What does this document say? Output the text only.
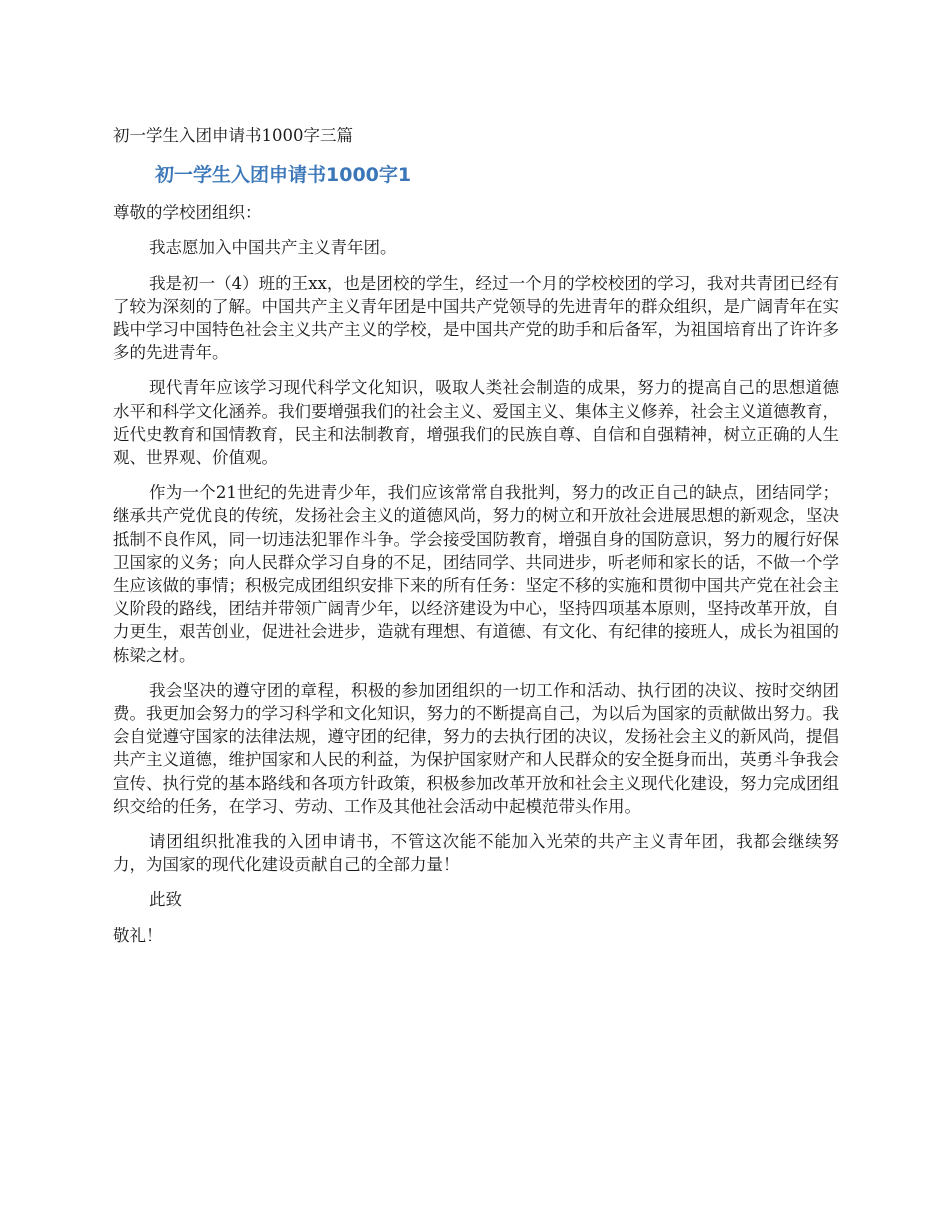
初一学生入团申请书1000字三篇
初一学生入团申请书1000字1

尊敬的学校团组织：

我志愿加入中国共产主义青年团。

我是初一（4）班的王xx，也是团校的学生，经过一个月的学校校团的学习，我对共青团已经有了较为深刻的了解。中国共产主义青年团是中国共产党领导的先进青年的群众组织，是广阔青年在实践中学习中国特色社会主义共产主义的学校，是中国共产党的助手和后备军，为祖国培育出了许许多多的先进青年。

现代青年应该学习现代科学文化知识，吸取人类社会制造的成果，努力的提高自己的思想道德水平和科学文化涵养。我们要增强我们的社会主义、爱国主义、集体主义修养，社会主义道德教育，近代史教育和国情教育，民主和法制教育，增强我们的民族自尊、自信和自强精神，树立正确的人生观、世界观、价值观。

作为一个21世纪的先进青少年，我们应该常常自我批判，努力的改正自己的缺点，团结同学；继承共产党优良的传统，发扬社会主义的道德风尚，努力的树立和开放社会进展思想的新观念，坚决抵制不良作风，同一切违法犯罪作斗争。学会接受国防教育，增强自身的国防意识，努力的履行好保卫国家的义务；向人民群众学习自身的不足，团结同学、共同进步，听老师和家长的话，不做一个学生应该做的事情；积极完成团组织安排下来的所有任务：坚定不移的实施和贯彻中国共产党在社会主义阶段的路线，团结并带领广阔青少年，以经济建设为中心，坚持四项基本原则，坚持改革开放，自力更生，艰苦创业，促进社会进步，造就有理想、有道德、有文化、有纪律的接班人，成长为祖国的栋梁之材。

我会坚决的遵守团的章程，积极的参加团组织的一切工作和活动、执行团的决议、按时交纳团费。我更加会努力的学习科学和文化知识，努力的不断提高自己，为以后为国家的贡献做出努力。我会自觉遵守国家的法律法规，遵守团的纪律，努力的去执行团的决议，发扬社会主义的新风尚，提倡共产主义道德，维护国家和人民的利益，为保护国家财产和人民群众的安全挺身而出，英勇斗争我会宣传、执行党的基本路线和各项方针政策，积极参加改革开放和社会主义现代化建设，努力完成团组织交给的任务，在学习、劳动、工作及其他社会活动中起模范带头作用。

请团组织批准我的入团申请书，不管这次能不能加入光荣的共产主义青年团，我都会继续努力，为国家的现代化建设贡献自己的全部力量！

此致

敬礼！
